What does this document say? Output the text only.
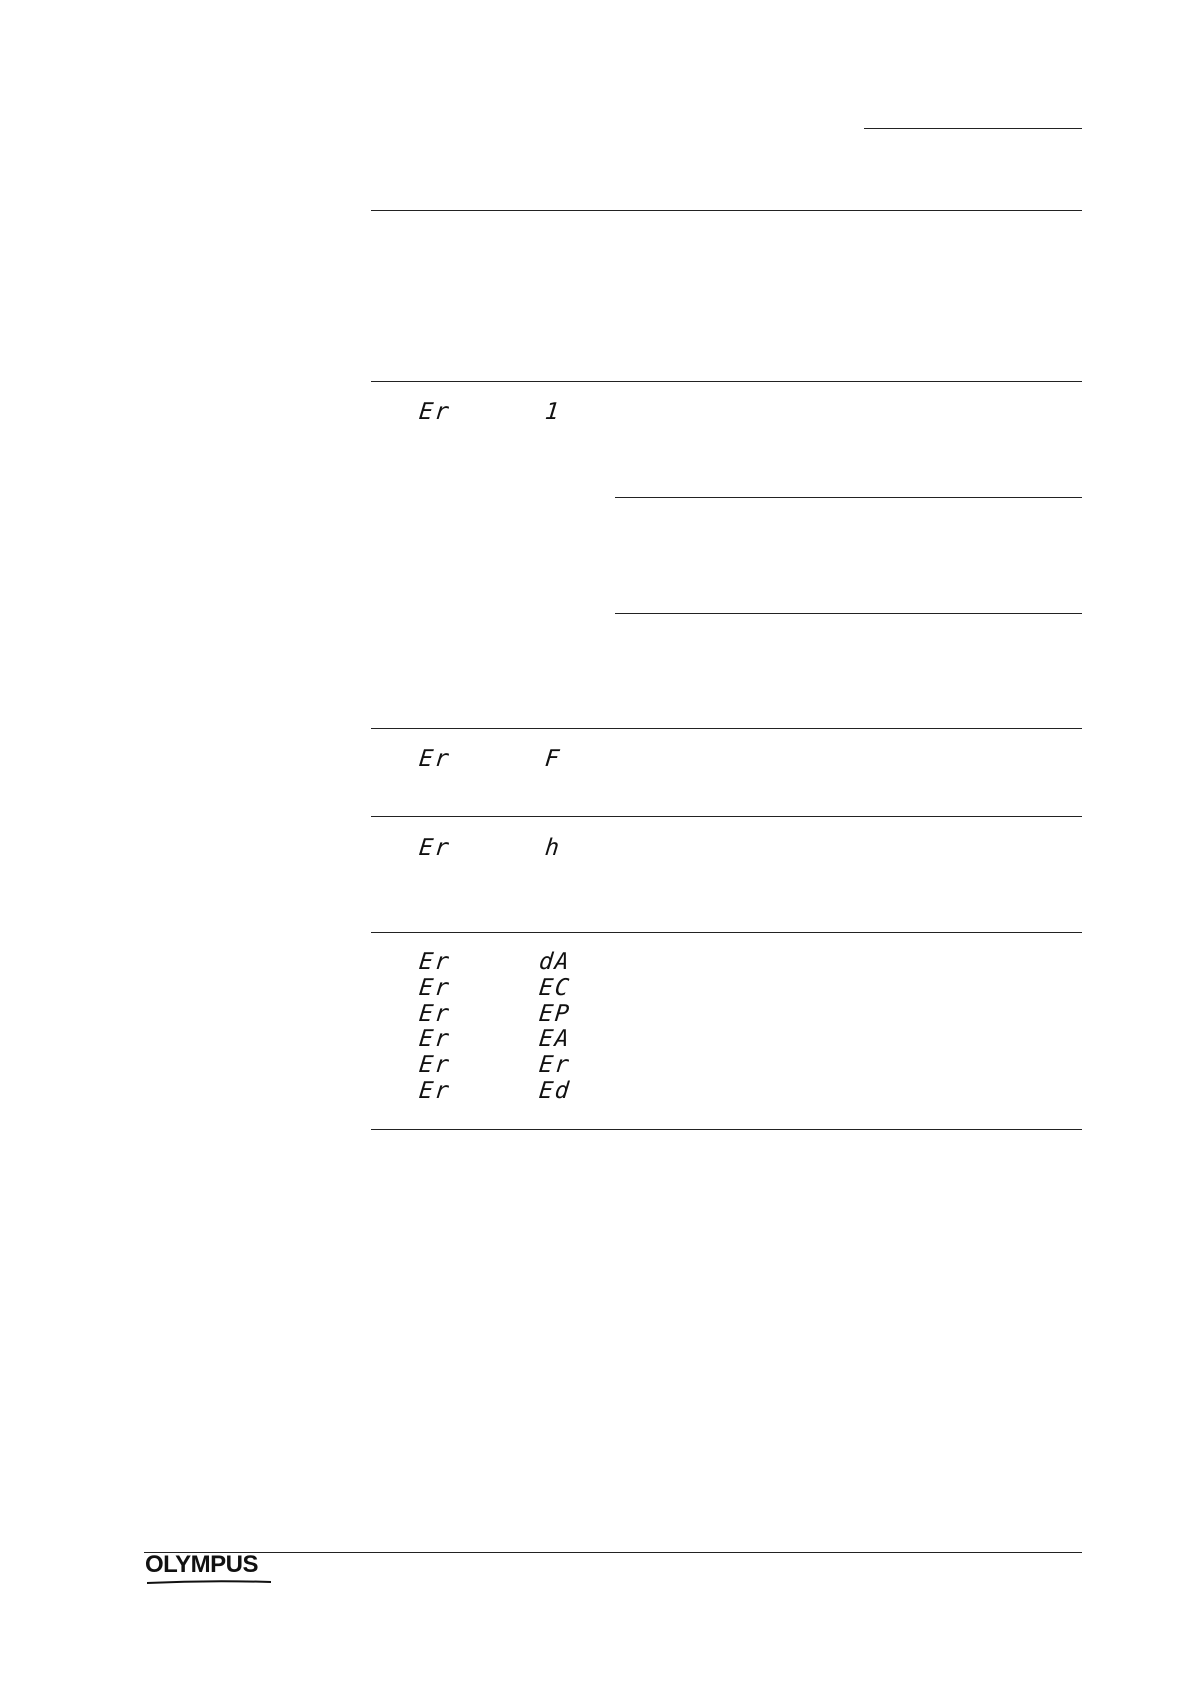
Er	1
Er	F
Er	h
Er	dA
Er	EC
Er	EP
Er	EA
Er	Er
Er	Ed
OLYMPUS
